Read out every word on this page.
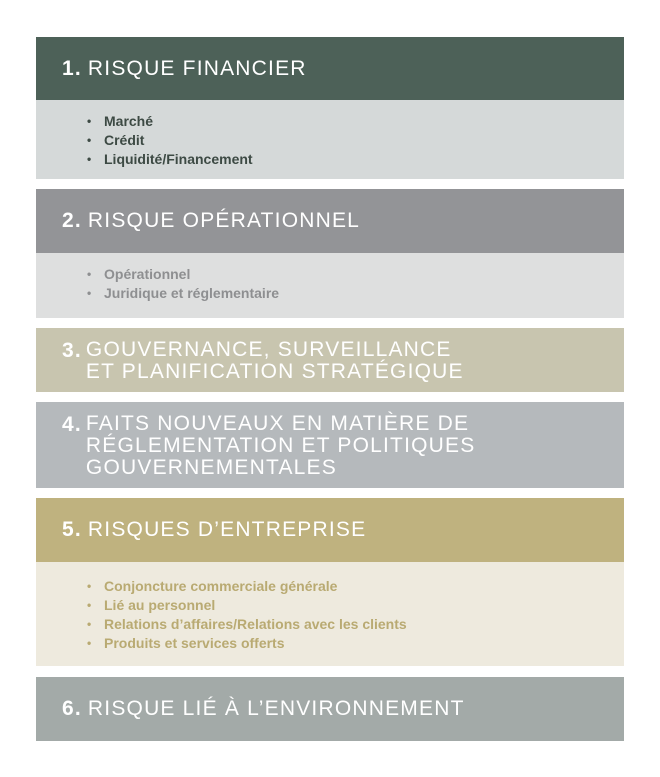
1. RISQUE FINANCIER
• Marché
• Crédit
• Liquidité/Financement
2. RISQUE OPÉRATIONNEL
• Opérationnel
• Juridique et réglementaire
3. GOUVERNANCE, SURVEILLANCE
ET PLANIFICATION STRATÉGIQUE
4. FAITS NOUVEAUX EN MATIÈRE DE
RÉGLEMENTATION ET POLITIQUES
GOUVERNEMENTALES
5. RISQUES D’ENTREPRISE
• Conjoncture commerciale générale
• Lié au personnel
• Relations d’affaires/Relations avec les clients
• Produits et services offerts
6. RISQUE LIÉ À L’ENVIRONNEMENT
